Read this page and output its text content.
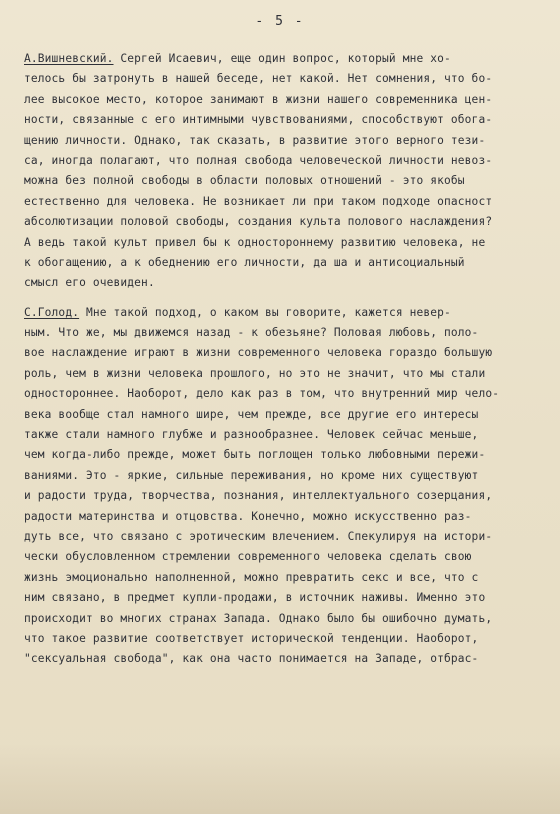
- 5 -
А.Вишневский. Сергей Исаевич, еще один вопрос, который мне хо-
телось бы затронуть в нашей беседе, нет какой. Нет сомнения, что бо-
лее высокое место, которое занимают в жизни нашего современника цен-
ности, связанные с его интимными чувствованиями, способствуют обога-
щению личности. Однако, так сказать, в развитие этого верного тези-
са, иногда полагают, что полная свобода человеческой личности невоз-
можна без полной свободы в области половых отношений - это якобы
естественно для человека. Не возникает ли при таком подходе опасност
абсолютизации половой свободы, создания культа полового наслаждения?
А ведь такой культ привел бы к одностороннему развитию человека, не
к обогащению, а к обеднению его личности, да ша и антисоциальный
смысл его очевиден.
С.Голод. Мне такой подход, о каком вы говорите, кажется невер-
ным. Что же, мы движемся назад - к обезьяне? Половая любовь, поло-
вое наслаждение играют в жизни современного человека гораздо большую
роль, чем в жизни человека прошлого, но это не значит, что мы стали
одностороннее. Наоборот, дело как раз в том, что внутренний мир чело-
века вообще стал намного шире, чем прежде, все другие его интересы
также стали намного глубже и разнообразнее. Человек сейчас меньше,
чем когда-либо прежде, может быть поглощен только любовными пережи-
ваниями. Это - яркие, сильные переживания, но кроме них существуют
и радости труда, творчества, познания, интеллектуального созерцания,
радости материнства и отцовства. Конечно, можно искусственно раз-
дуть все, что связано с эротическим влечением. Спекулируя на истори-
чески обусловленном стремлении современного человека сделать свою
жизнь эмоционально наполненной, можно превратить секс и все, что с
ним связано, в предмет купли-продажи, в источник наживы. Именно это
происходит во многих странах Запада. Однако было бы ошибочно думать,
что такое развитие соответствует исторической тенденции. Наоборот,
"сексуальная свобода", как она часто понимается на Западе, отбрас-
